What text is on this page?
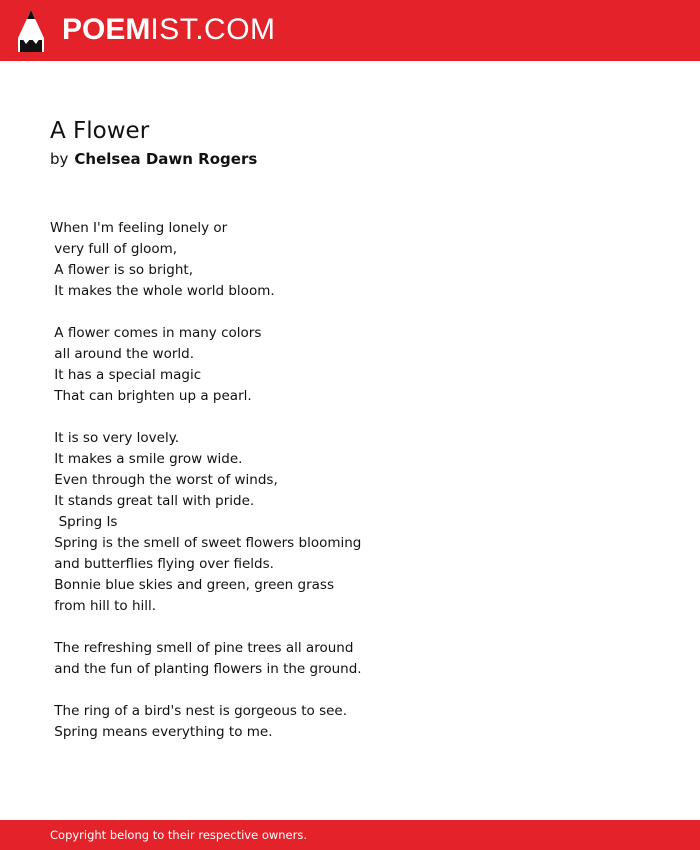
POEMIST.COM
A Flower
by Chelsea Dawn Rogers
When I'm feeling lonely or
very full of gloom,
A flower is so bright,
It makes the whole world bloom.

A flower comes in many colors
all around the world.
It has a special magic
That can brighten up a pearl.

It is so very lovely.
It makes a smile grow wide.
Even through the worst of winds,
It stands great tall with pride.
Spring Is
Spring is the smell of sweet flowers blooming
and butterflies flying over fields.
Bonnie blue skies and green, green grass
from hill to hill.

The refreshing smell of pine trees all around
and the fun of planting flowers in the ground.

The ring of a bird's nest is gorgeous to see.
Spring means everything to me.
Copyright belong to their respective owners.
